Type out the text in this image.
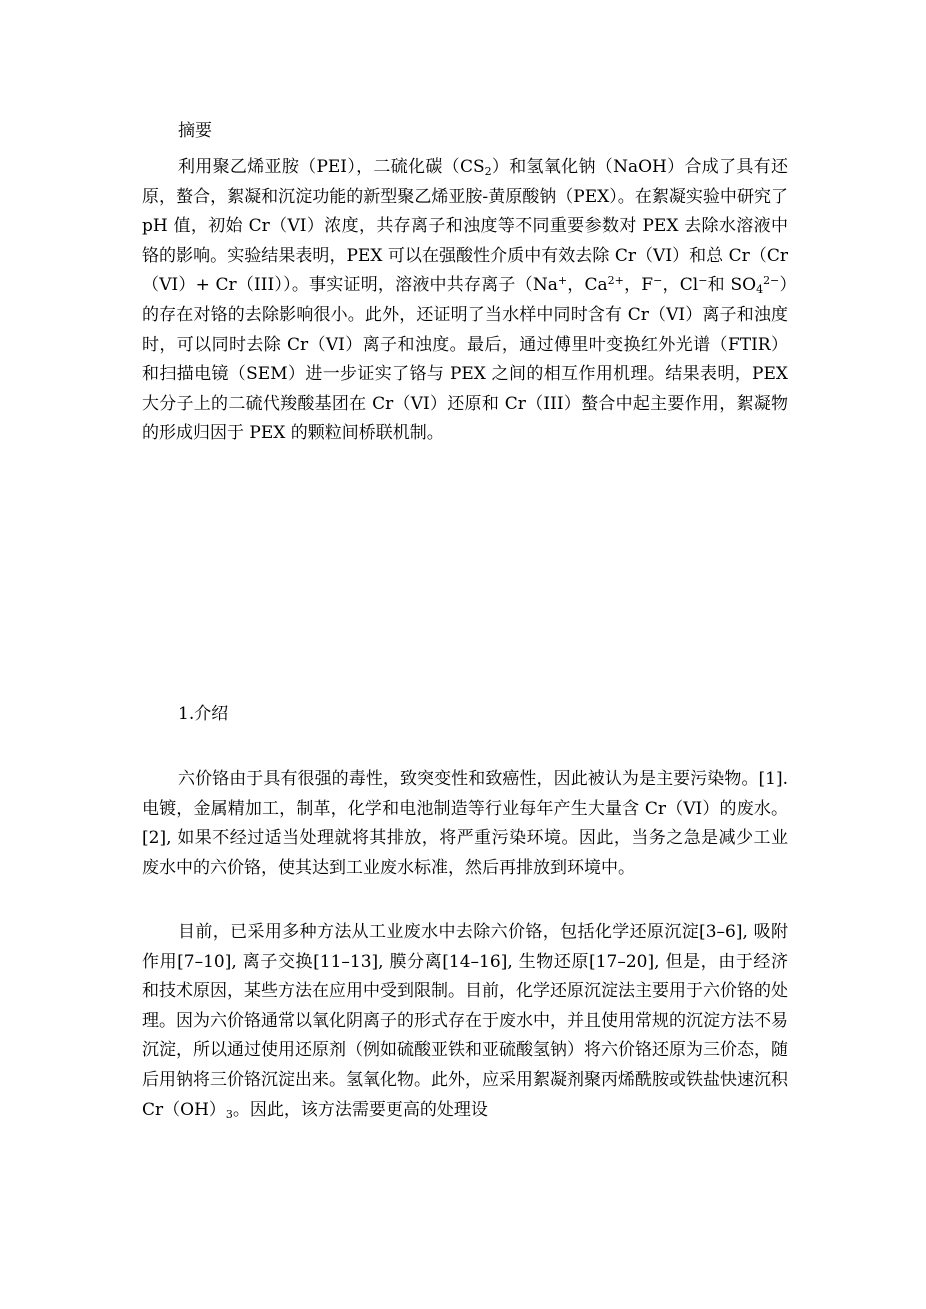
摘要

利用聚乙烯亚胺（PEI），二硫化碳$(CS_2)$和氢氧化钠（NaOH）合成了具有还原，螯合，絮凝和沉淀功能的新型聚乙烯亚胺-黄原酸钠（PEX）。在絮凝实验中研究了 pH 值，初始 Cr（VI）浓度，共存离子和浊度等不同重要参数对 PEX 去除水溶液中铬的影响。实验结果表明，PEX 可以在强酸性介质中有效去除 Cr（VI）和总 Cr（Cr（VI）+ Cr（III））。事实证明，溶液中共存离子（Na+，$Ca^{2+}$，F−，Cl−和 $SO_4^{2-}$）的存在对铬的去除影响很小。此外，还证明了当水样中同时含有 Cr（VI）离子和浊度时，可以同时去除 Cr（VI）离子和浊度。最后，通过傅里叶变换红外光谱（FTIR）和扫描电镜（SEM）进一步证实了铬与 PEX 之间的相互作用机理。结果表明，PEX 大分子上的二硫代羧酸基团在 Cr（VI）还原和 Cr（III）螯合中起主要作用，絮凝物的形成归因于 PEX 的颗粒间桥联机制。

1.介绍

六价铬由于具有很强的毒性，致突变性和致癌性，因此被认为是主要污染物。[1]. 电镀，金属精加工，制革，化学和电池制造等行业每年产生大量含 Cr（VI）的废水。[2], 如果不经过适当处理就将其排放，将严重污染环境。因此，当务之急是减少工业废水中的六价铬，使其达到工业废水标准，然后再排放到环境中。

目前，已采用多种方法从工业废水中去除六价铬，包括化学还原沉淀[3–6], 吸附作用[7–10], 离子交换[11–13], 膜分离[14–16], 生物还原[17–20], 但是，由于经济和技术原因，某些方法在应用中受到限制。目前，化学还原沉淀法主要用于六价铬的处理。因为六价铬通常以氧化阴离子的形式存在于废水中，并且使用常规的沉淀方法不易沉淀，所以通过使用还原剂（例如硫酸亚铁和亚硫酸氢钠）将六价铬还原为三价态，随后用钠将三价铬沉淀出来。氢氧化物。此外，应采用絮凝剂聚丙烯酰胺或铁盐快速沉积 $Cr(OH)_3$。因此，该方法需要更高的处理设
